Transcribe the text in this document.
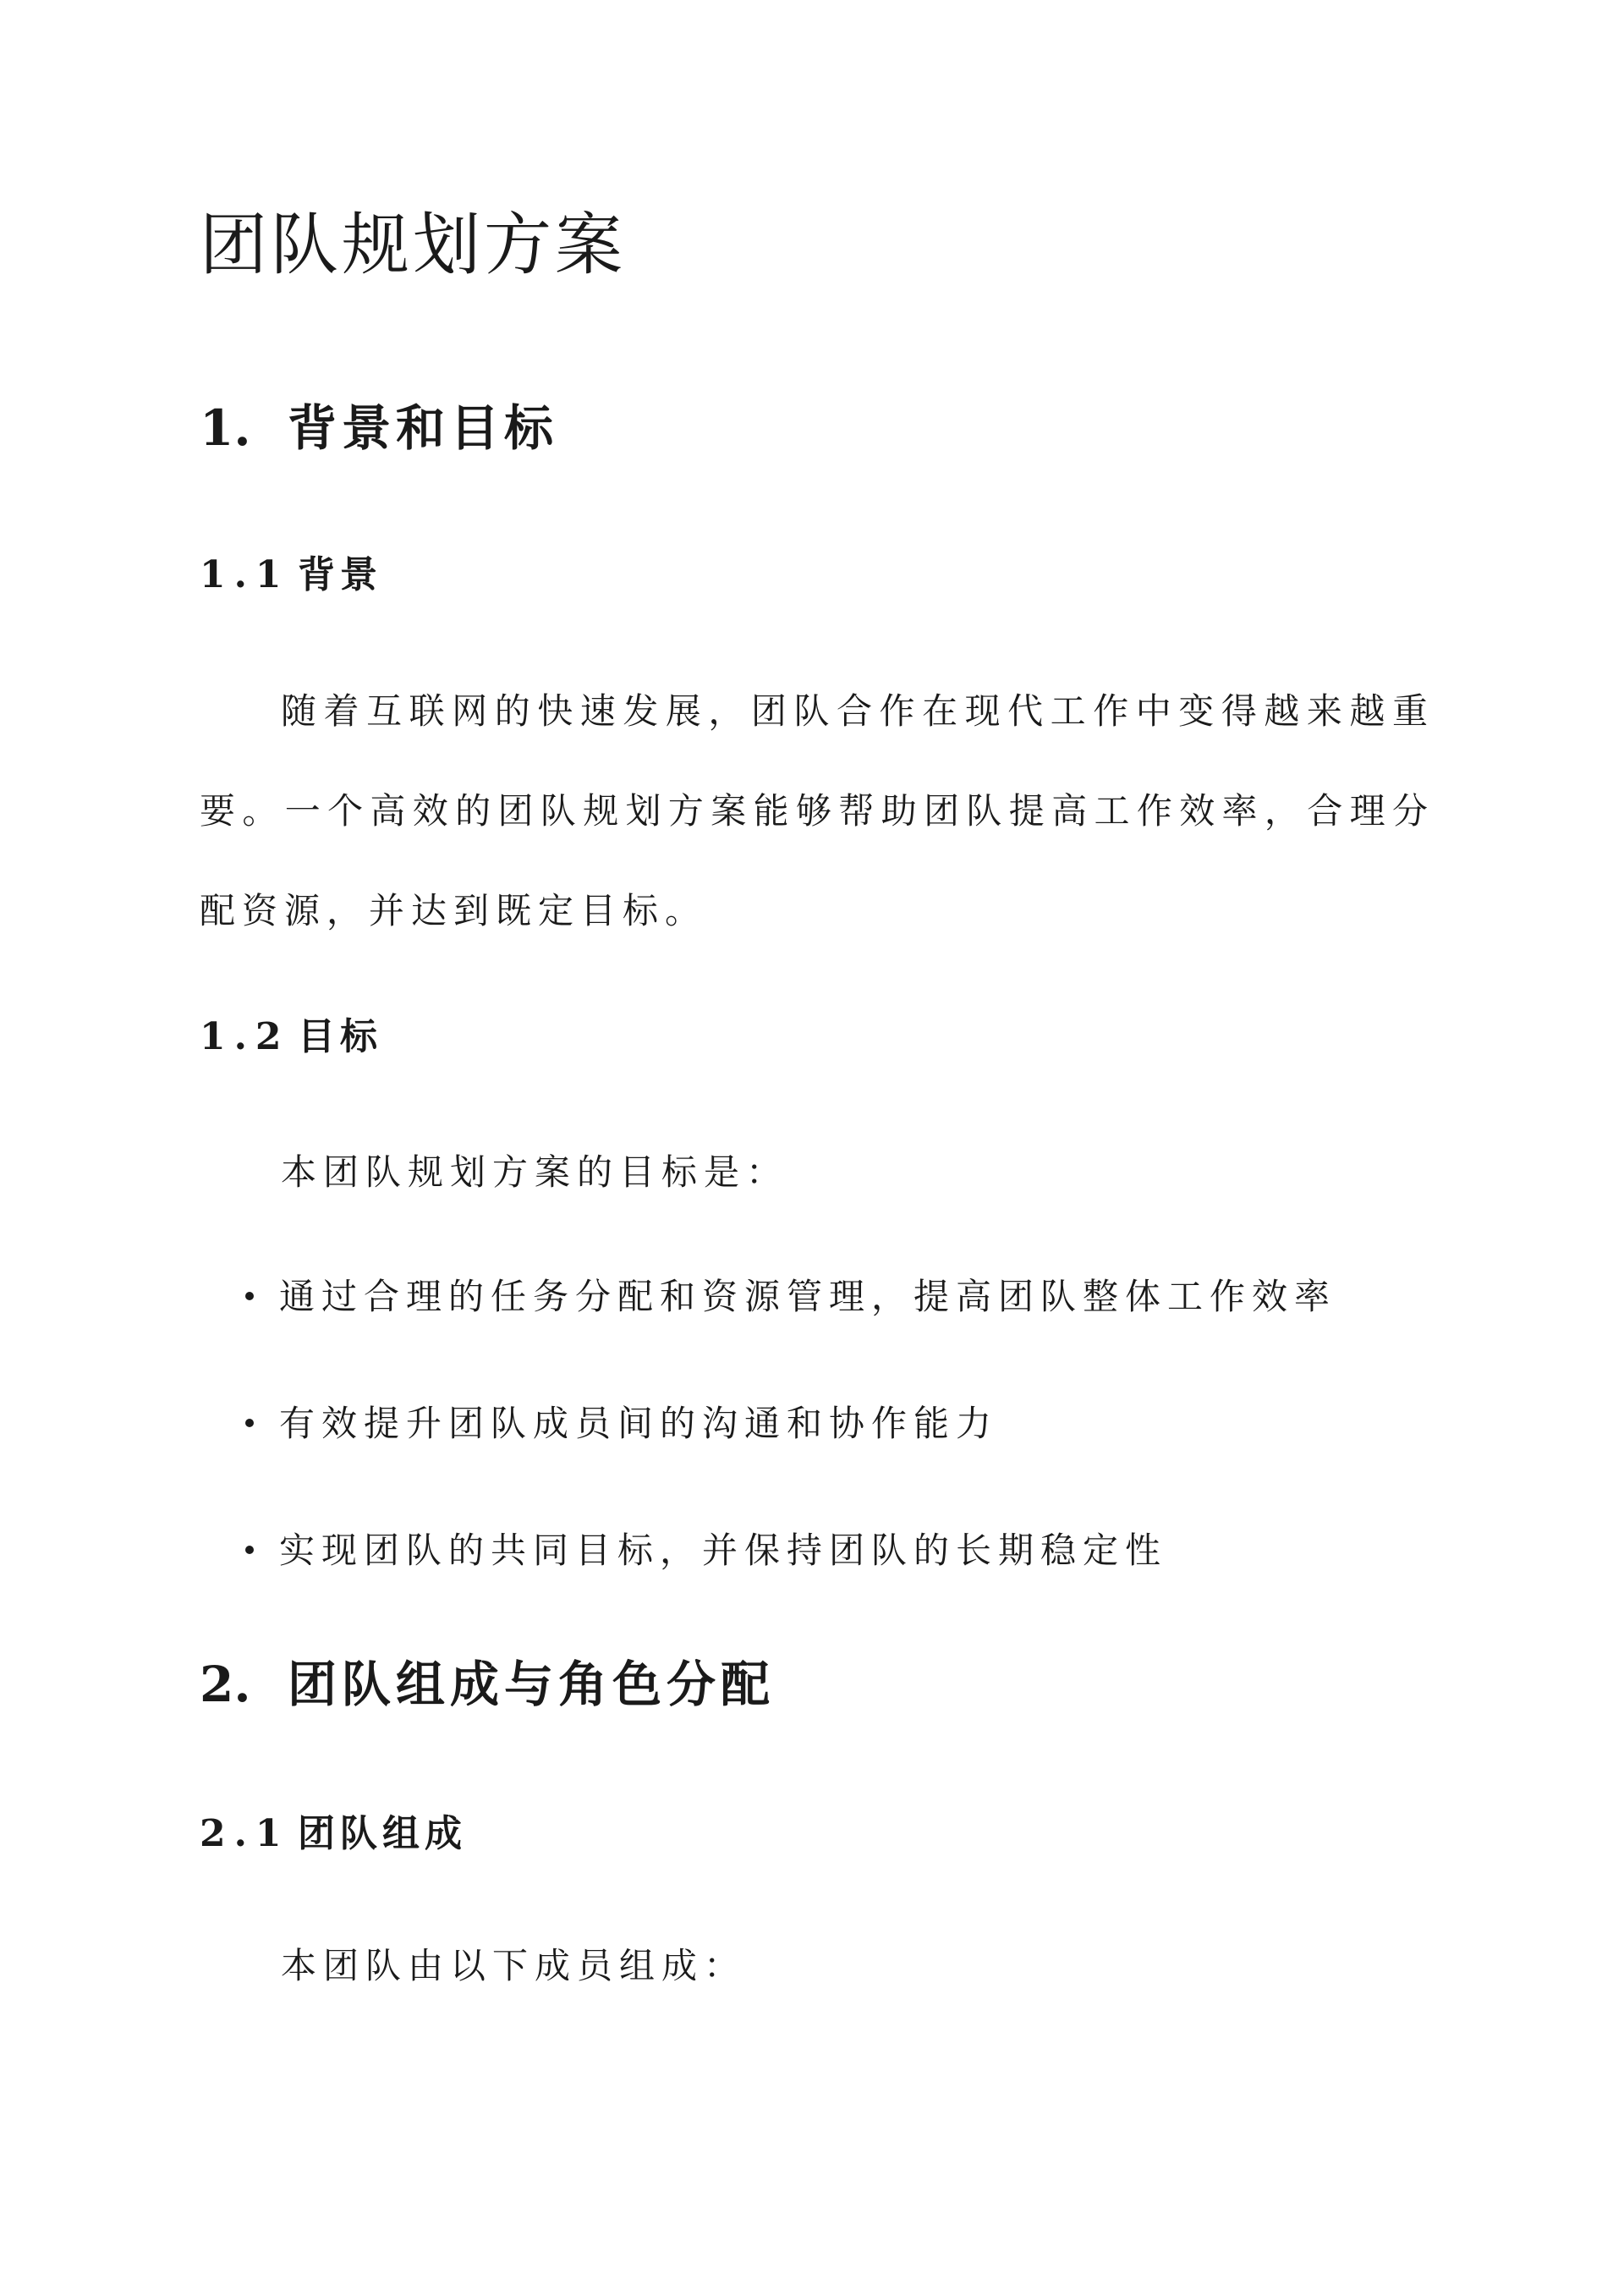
团队规划方案
1. 背景和目标
1.1 背景
随着互联网的快速发展，团队合作在现代工作中变得越来越重要。一个高效的团队规划方案能够帮助团队提高工作效率，合理分配资源，并达到既定目标。
1.2 目标
本团队规划方案的目标是：
通过合理的任务分配和资源管理，提高团队整体工作效率
有效提升团队成员间的沟通和协作能力
实现团队的共同目标，并保持团队的长期稳定性
2. 团队组成与角色分配
2.1 团队组成
本团队由以下成员组成：
